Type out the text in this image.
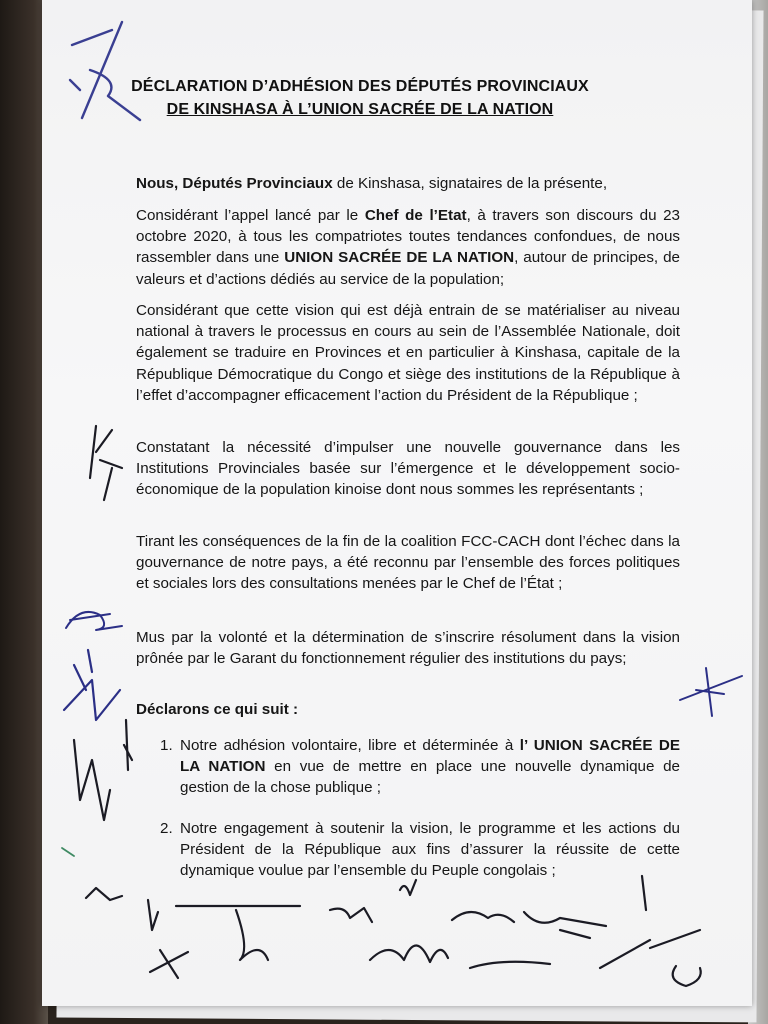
DÉCLARATION D’ADHÉSION DES DÉPUTÉS PROVINCIAUX
DE KINSHASA À L’UNION SACRÉE DE LA NATION
Nous, Députés Provinciaux de Kinshasa, signataires de la présente,
Considérant l’appel lancé par le Chef de l’Etat, à travers son discours du 23 octobre 2020, à tous les compatriotes toutes tendances confondues, de nous rassembler dans une UNION SACRÉE DE LA NATION, autour de principes, de valeurs et d’actions dédiés au service de la population;
Considérant que cette vision qui est déjà entrain de se matérialiser au niveau national à travers le processus en cours au sein de l’Assemblée Nationale, doit également se traduire en Provinces et en particulier à Kinshasa, capitale de la République Démocratique du Congo et siège des institutions de la République à l’effet d’accompagner efficacement l’action du Président de la République ;
Constatant la nécessité d’impulser une nouvelle gouvernance dans les Institutions Provinciales basée sur l’émergence et le développement socio-économique de la population kinoise dont nous sommes les représentants ;
Tirant les conséquences de la fin de la coalition FCC-CACH dont l’échec dans la gouvernance de notre pays, a été reconnu par l’ensemble des forces politiques et sociales lors des consultations menées par le Chef de l’État ;
Mus par la volonté et la détermination de s’inscrire résolument dans la vision prônée par le Garant du fonctionnement régulier des institutions du pays;
Déclarons ce qui suit :
1. Notre adhésion volontaire, libre et déterminée à l’ UNION SACRÉE DE LA NATION en vue de mettre en place une nouvelle dynamique de gestion de la chose publique ;
2. Notre engagement à soutenir la vision, le programme et les actions du Président de la République aux fins d’assurer la réussite de cette dynamique voulue par l’ensemble du Peuple congolais ;
